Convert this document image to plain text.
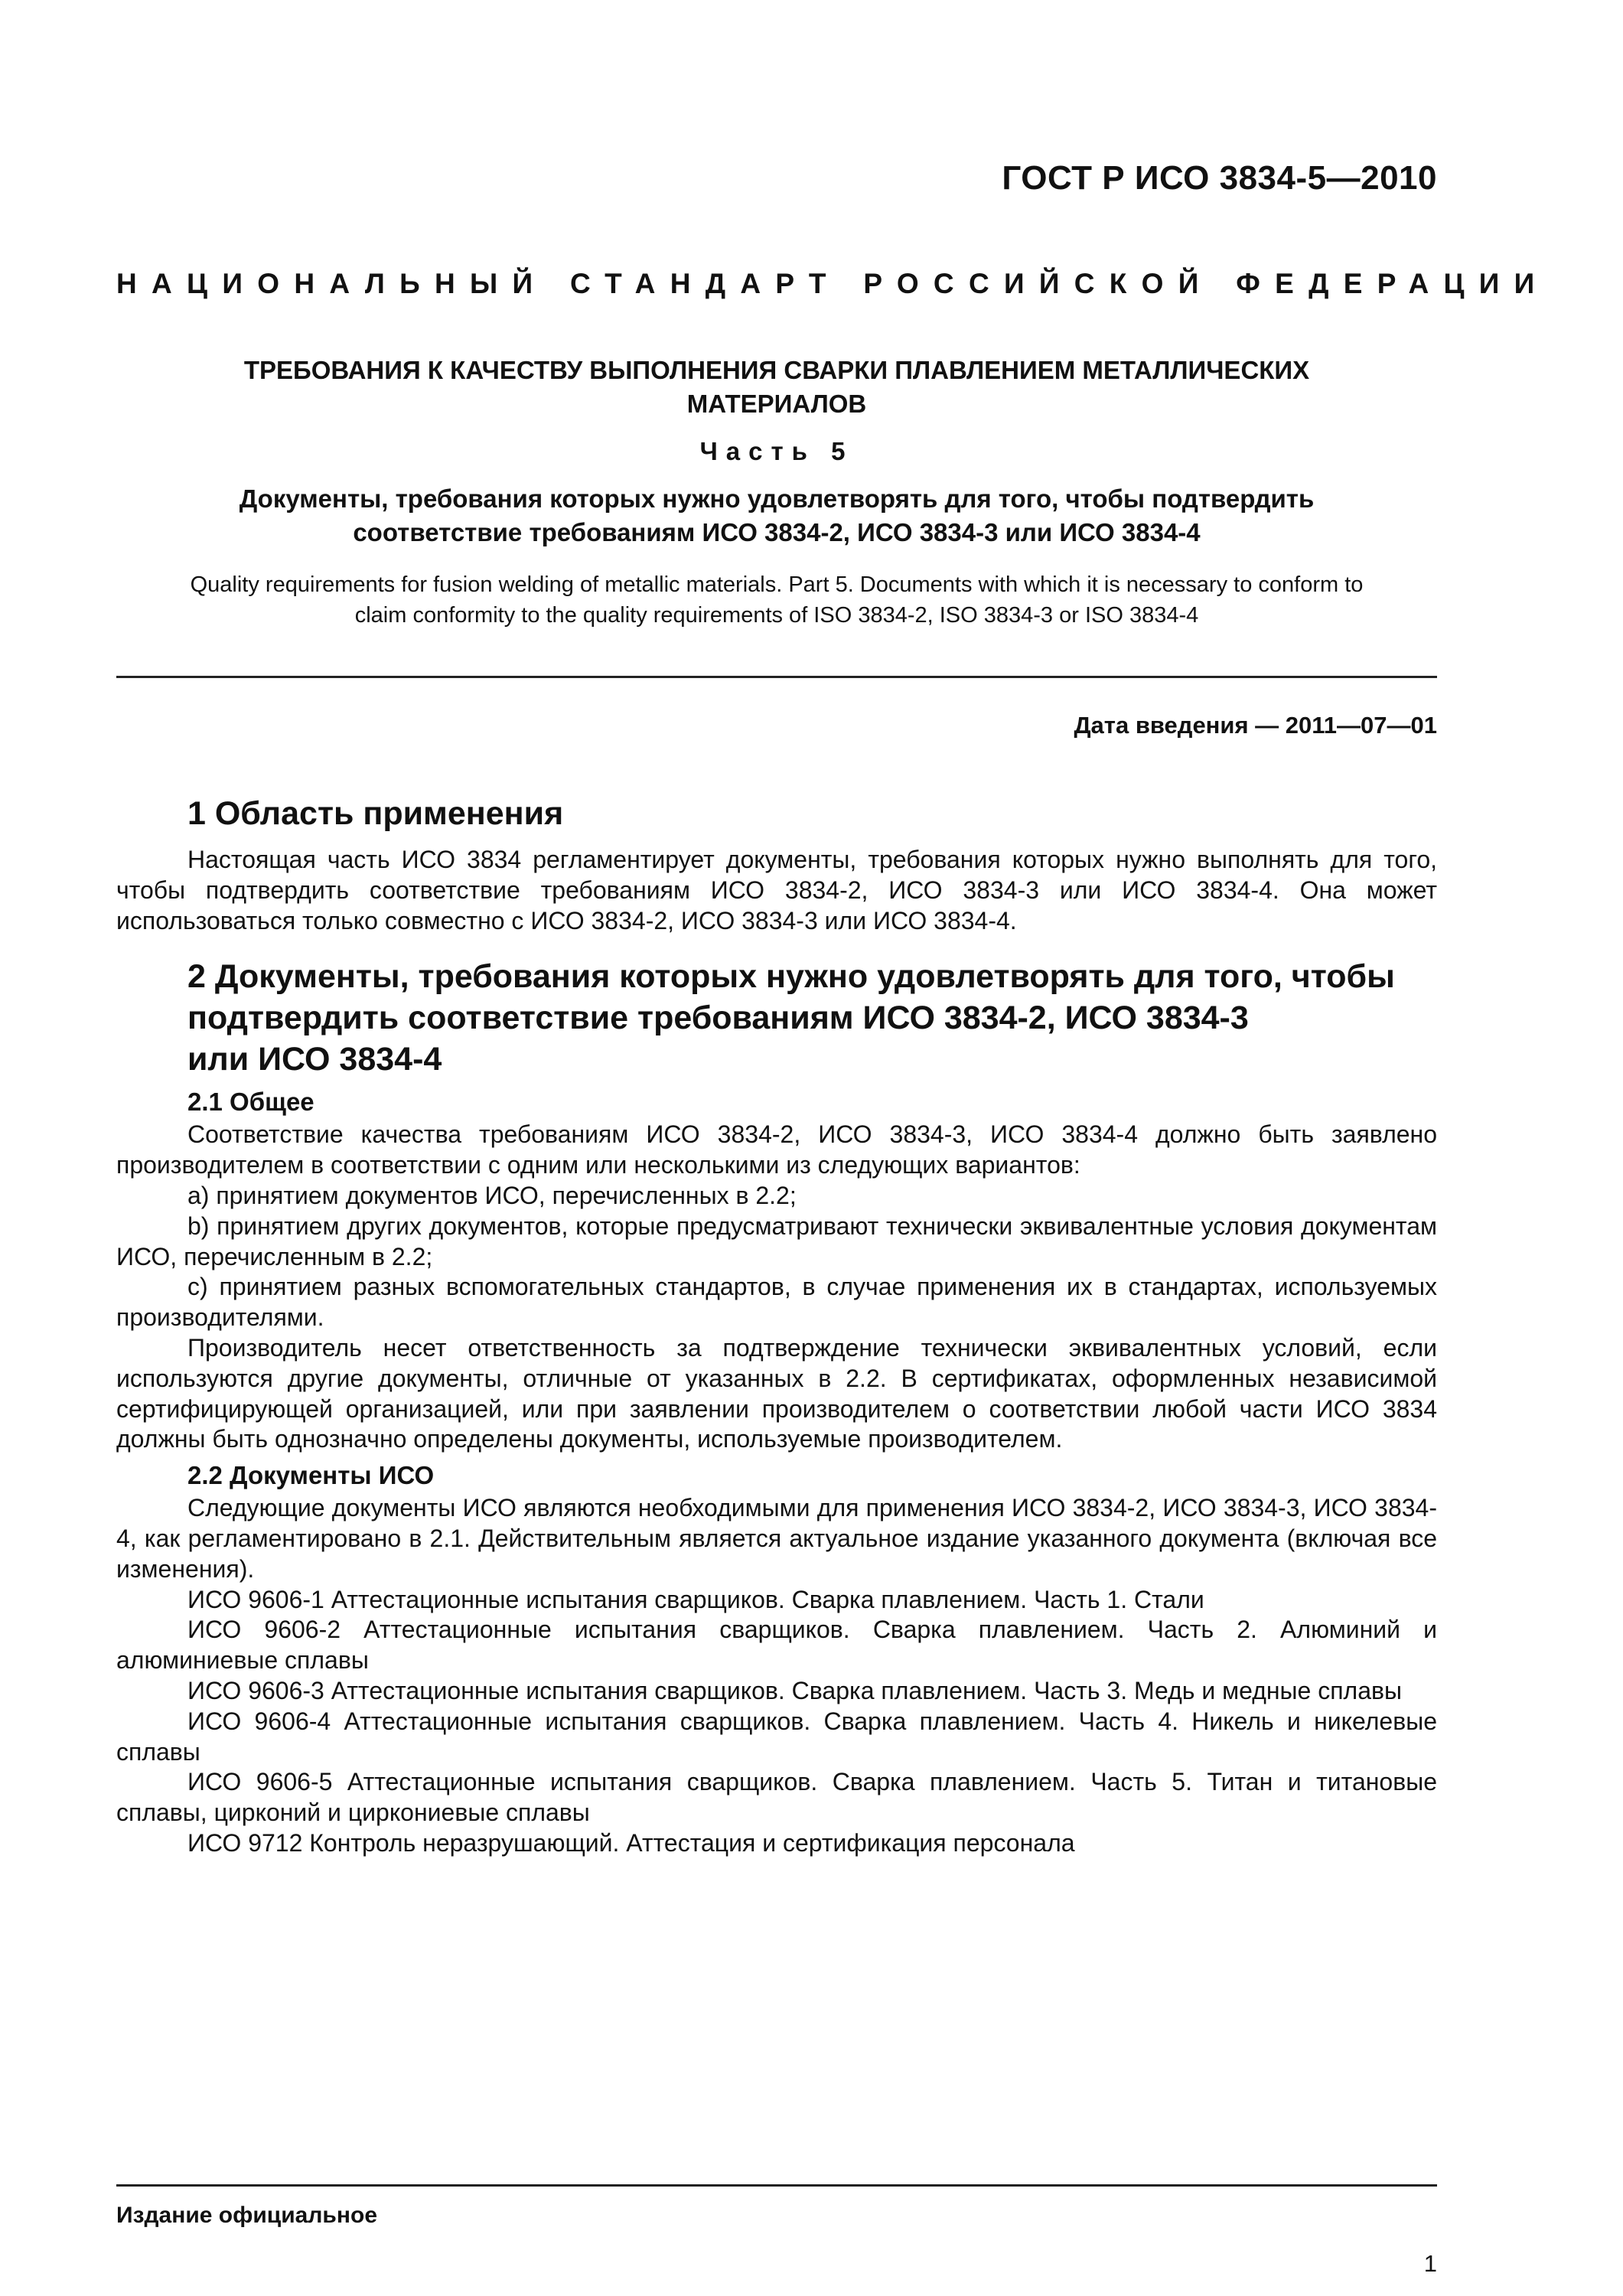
ГОСТ Р ИСО 3834-5—2010

НАЦИОНАЛЬНЫЙ СТАНДАРТ РОССИЙСКОЙ ФЕДЕРАЦИИ

ТРЕБОВАНИЯ К КАЧЕСТВУ ВЫПОЛНЕНИЯ СВАРКИ ПЛАВЛЕНИЕМ МЕТАЛЛИЧЕСКИХ
МАТЕРИАЛОВ

Часть 5

Документы, требования которых нужно удовлетворять для того, чтобы подтвердить
соответствие требованиям ИСО 3834-2, ИСО 3834-3 или ИСО 3834-4

Quality requirements for fusion welding of metallic materials. Part 5. Documents with which it is necessary to conform to
claim conformity to the quality requirements of ISO 3834-2, ISO 3834-3 or ISO 3834-4

Дата введения — 2011—07—01

1 Область применения

Настоящая часть ИСО 3834 регламентирует документы, требования которых нужно выполнять для того, чтобы подтвердить соответствие требованиям ИСО 3834-2, ИСО 3834-3 или ИСО 3834-4. Она может использоваться только совместно с ИСО 3834-2, ИСО 3834-3 или ИСО 3834-4.

2 Документы, требования которых нужно удовлетворять для того, чтобы
подтвердить соответствие требованиям ИСО 3834-2, ИСО 3834-3
или ИСО 3834-4
2.1 Общее

Соответствие качества требованиям ИСО 3834-2, ИСО 3834-3, ИСО 3834-4 должно быть заявлено производителем в соответствии с одним или несколькими из следующих вариантов:

a) принятием документов ИСО, перечисленных в 2.2;

b) принятием других документов, которые предусматривают технически эквивалентные условия документам ИСО, перечисленным в 2.2;

c) принятием разных вспомогательных стандартов, в случае применения их в стандартах, используемых производителями.

Производитель несет ответственность за подтверждение технически эквивалентных условий, если используются другие документы, отличные от указанных в 2.2. В сертификатах, оформленных независимой сертифицирующей организацией, или при заявлении производителем о соответствии любой части ИСО 3834 должны быть однозначно определены документы, используемые производителем.

2.2 Документы ИСО

Следующие документы ИСО являются необходимыми для применения ИСО 3834-2, ИСО 3834-3, ИСО 3834-4, как регламентировано в 2.1. Действительным является актуальное издание указанного документа (включая все изменения).

ИСО 9606-1 Аттестационные испытания сварщиков. Сварка плавлением. Часть 1. Стали

ИСО 9606-2 Аттестационные испытания сварщиков. Сварка плавлением. Часть 2. Алюминий и алюминиевые сплавы

ИСО 9606-3 Аттестационные испытания сварщиков. Сварка плавлением. Часть 3. Медь и медные сплавы

ИСО 9606-4 Аттестационные испытания сварщиков. Сварка плавлением. Часть 4. Никель и никелевые сплавы

ИСО 9606-5 Аттестационные испытания сварщиков. Сварка плавлением. Часть 5. Титан и титановые сплавы, цирконий и циркониевые сплавы

ИСО 9712 Контроль неразрушающий. Аттестация и сертификация персонала

Издание официальное

1
